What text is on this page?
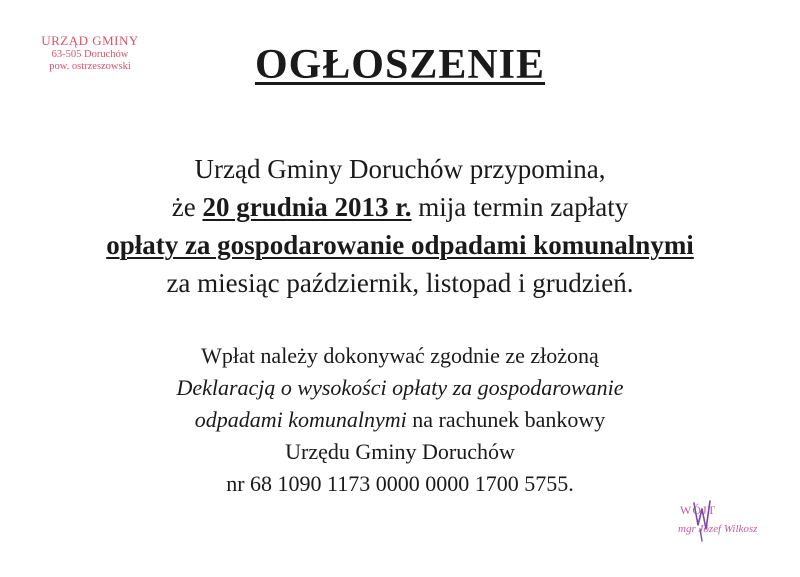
URZĄD GMINY
63-505 Doruchów
pow. ostrzeszowski	OGŁOSZENIE
Urząd Gminy Doruchów przypomina,
że 20 grudnia 2013 r. mija termin zapłaty
opłaty za gospodarowanie odpadami komunalnymi
za miesiąc październik, listopad i grudzień.
Wpłat należy dokonywać zgodnie ze złożoną
Deklaracją o wysokości opłaty za gospodarowanie
odpadami komunalnymi na rachunek bankowy
Urzędu Gminy Doruchów
nr 68 1090 1173 0000 0000 1700 5755.
WÓJT
mgr Józef Wilkosz
